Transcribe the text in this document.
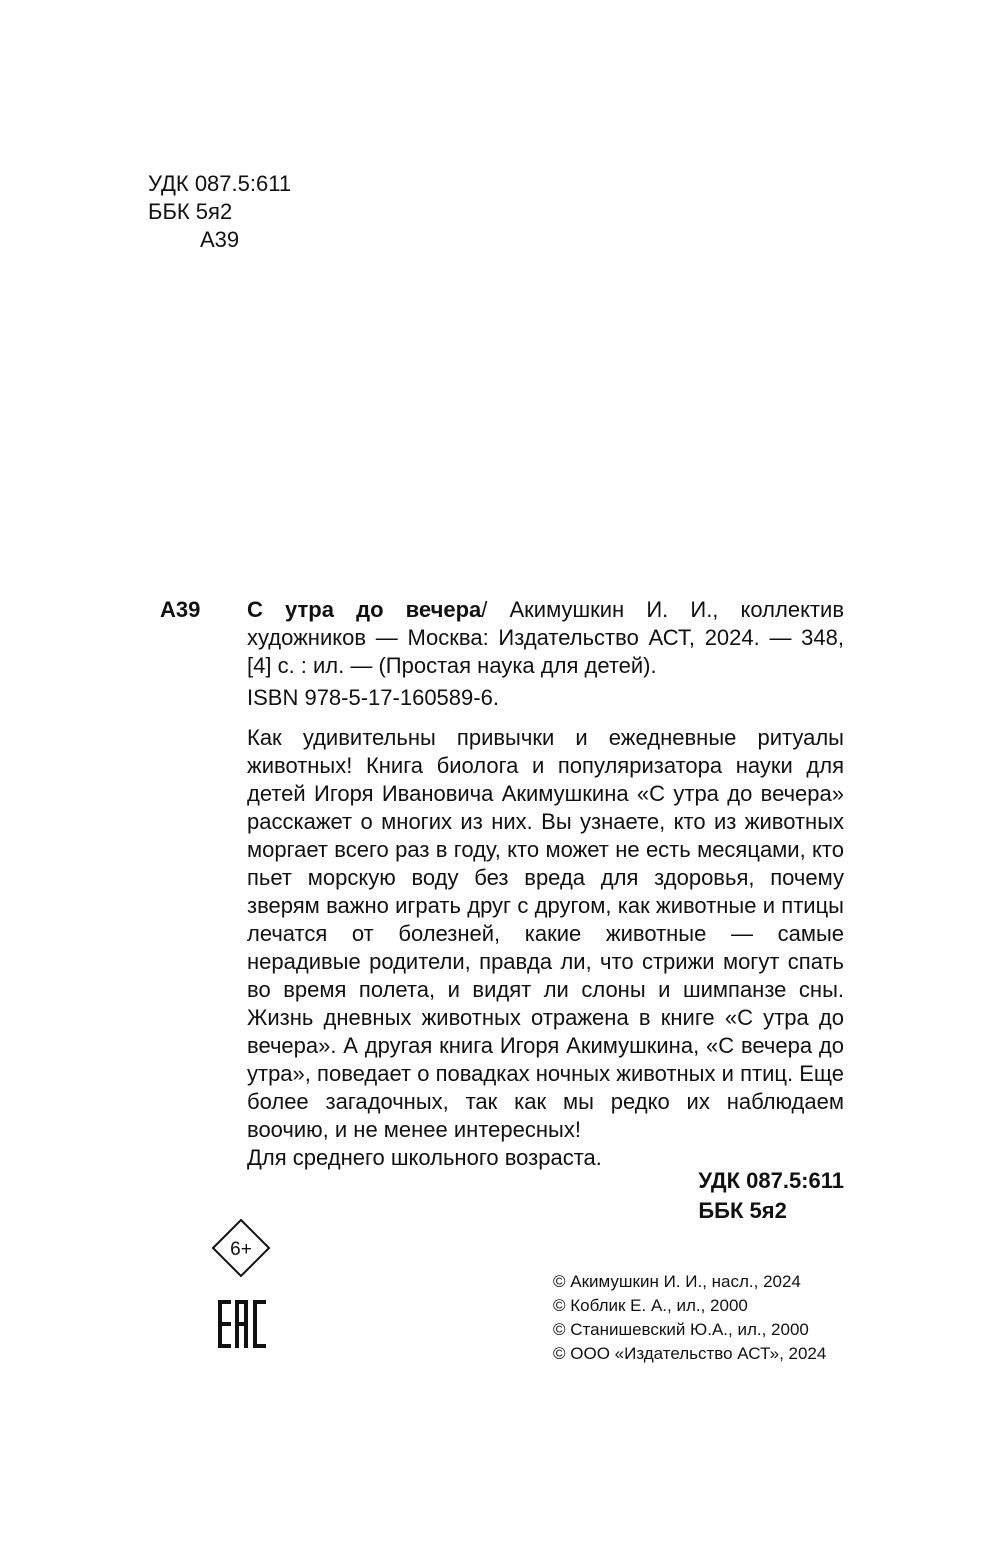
УДК 087.5:611
ББК 5я2
А39
А39 С утра до вечера/ Акимушкин И. И., коллектив художников — Москва: Издательство АСТ, 2024. — 348, [4] с. : ил. — (Простая наука для детей).

ISBN 978-5-17-160589-6.

Как удивительны привычки и ежедневные ритуалы животных! Книга биолога и популяризатора науки для детей Игоря Ивановича Акимушкина «С утра до вечера» расскажет о многих из них. Вы узнаете, кто из животных моргает всего раз в году, кто может не есть месяцами, кто пьет морскую воду без вреда для здоровья, почему зверям важно играть друг с другом, как животные и птицы лечатся от болезней, какие животные — самые нерадивые родители, правда ли, что стрижи могут спать во время полета, и видят ли слоны и шимпанзе сны. Жизнь дневных животных отражена в книге «С утра до вечера». А другая книга Игоря Акимушкина, «С вечера до утра», поведает о повадках ночных животных и птиц. Еще более загадочных, так как мы редко их наблюдаем воочию, и не менее интересных!

Для среднего школьного возраста.

УДК 087.5:611
ББК 5я2
6+
© Акимушкин И. И., насл., 2024
© Коблик Е. А., ил., 2000
© Станишевский Ю.А., ил., 2000
© ООО «Издательство АСТ», 2024
